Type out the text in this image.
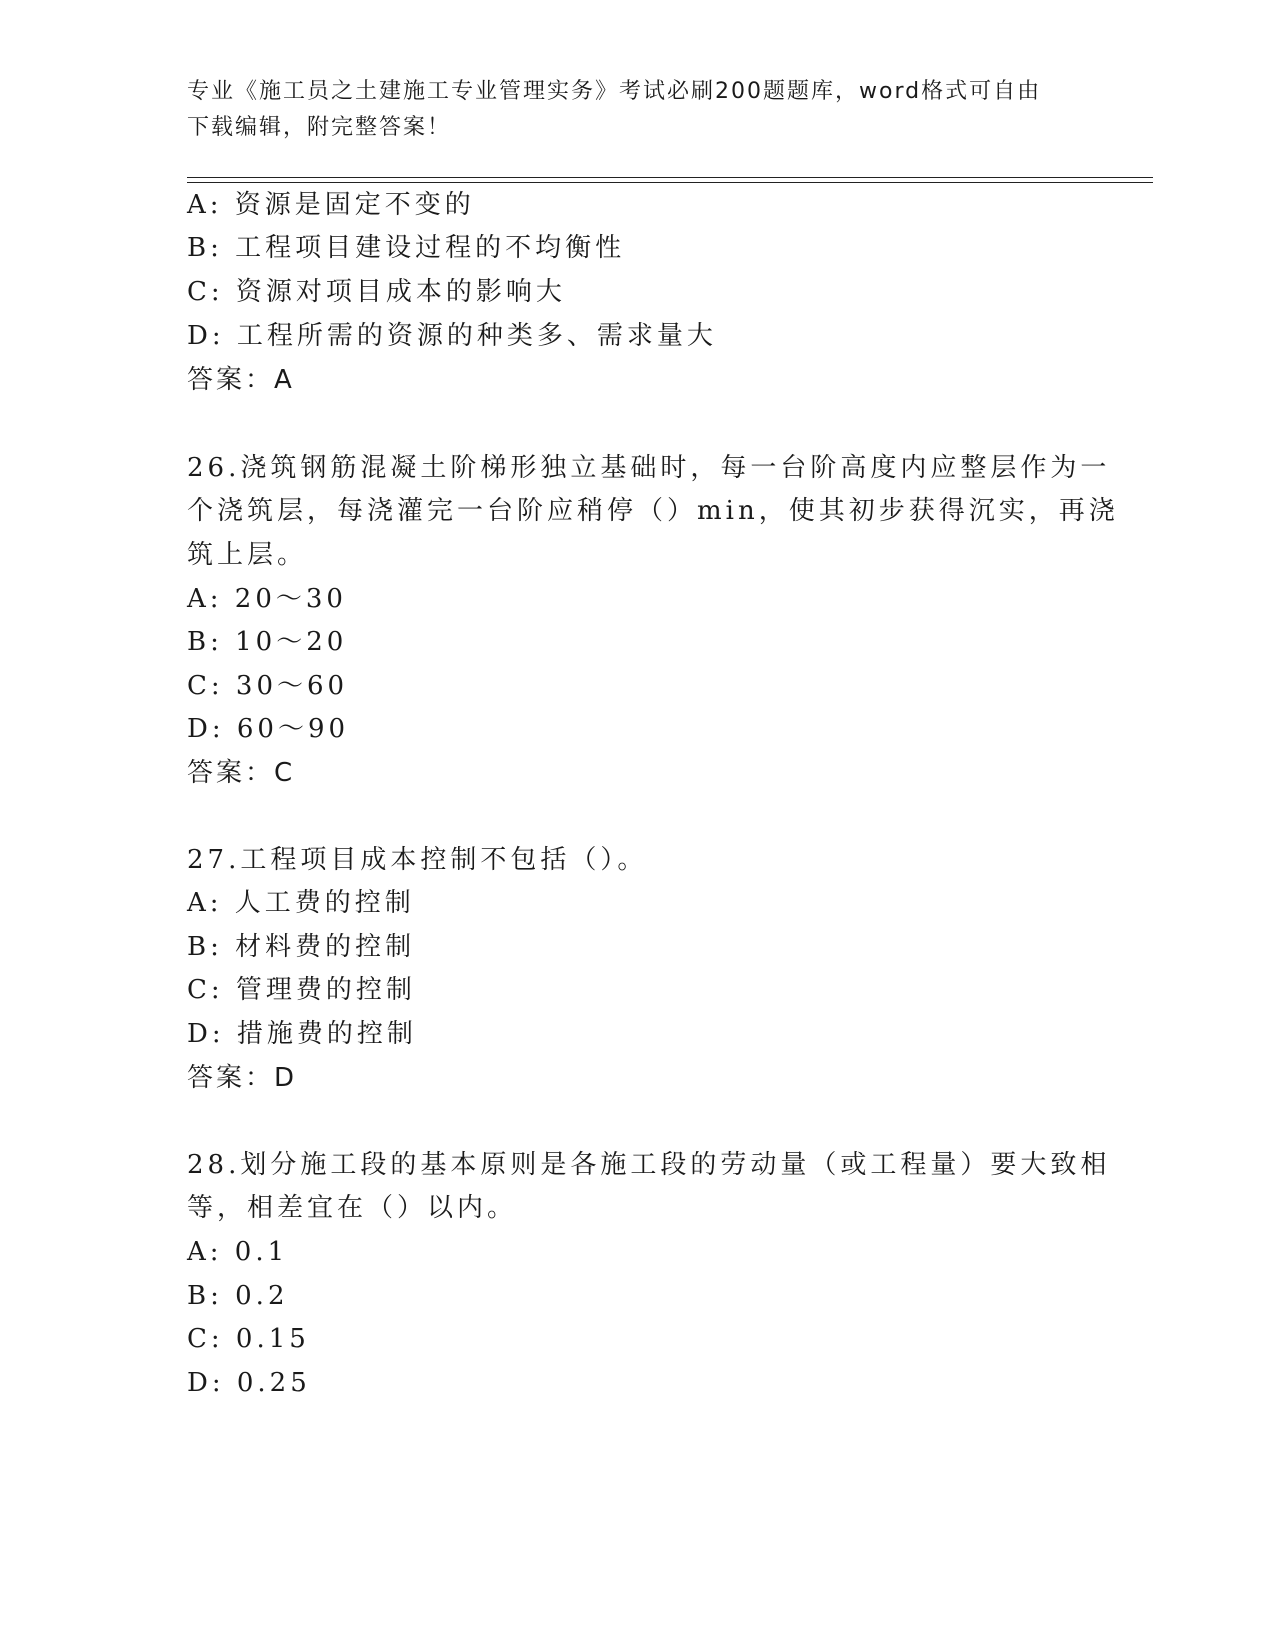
专业《施工员之土建施工专业管理实务》考试必刷200题题库，word格式可自由
下载编辑，附完整答案！
A: 资源是固定不变的
B: 工程项目建设过程的不均衡性
C: 资源对项目成本的影响大
D: 工程所需的资源的种类多、需求量大
答案：A
26.浇筑钢筋混凝土阶梯形独立基础时，每一台阶高度内应整层作为一
个浇筑层，每浇灌完一台阶应稍停（）min，使其初步获得沉实，再浇
筑上层。
A: 20～30
B: 10～20
C: 30～60
D: 60～90
答案：C
27.工程项目成本控制不包括（）。
A: 人工费的控制
B: 材料费的控制
C: 管理费的控制
D: 措施费的控制
答案：D
28.划分施工段的基本原则是各施工段的劳动量（或工程量）要大致相
等，相差宜在（）以内。
A: 0.1
B: 0.2
C: 0.15
D: 0.25
